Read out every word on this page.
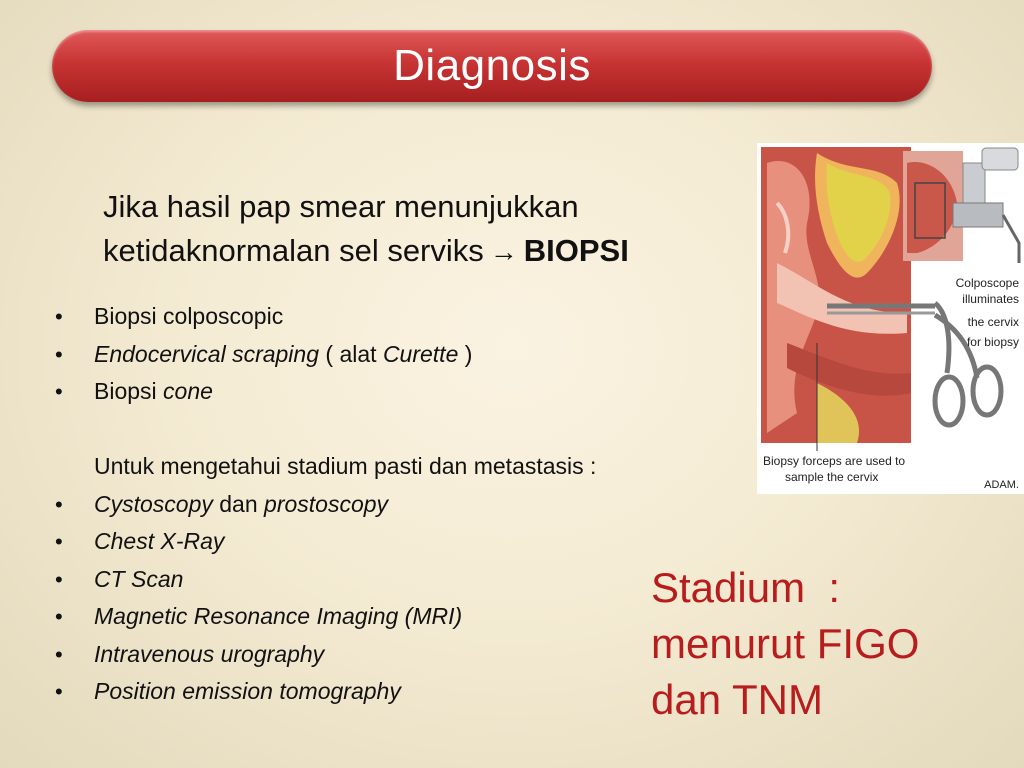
Diagnosis
Jika hasil pap smear menunjukkan
ketidaknormalan sel serviks → BIOPSI
• Biopsi colposcopic
• Endocervical scraping ( alat Curette )
• Biopsi cone
Untuk mengetahui stadium pasti dan metastasis :
• Cystoscopy dan prostoscopy
• Chest X-Ray
• CT Scan
• Magnetic Resonance Imaging (MRI)
• Intravenous urography
• Position emission tomography
Colposcope
illuminates
the cervix
for biopsy
Biopsy forceps are used to
sample the cervix
ADAM.
Stadium  :
menurut FIGO
dan TNM
